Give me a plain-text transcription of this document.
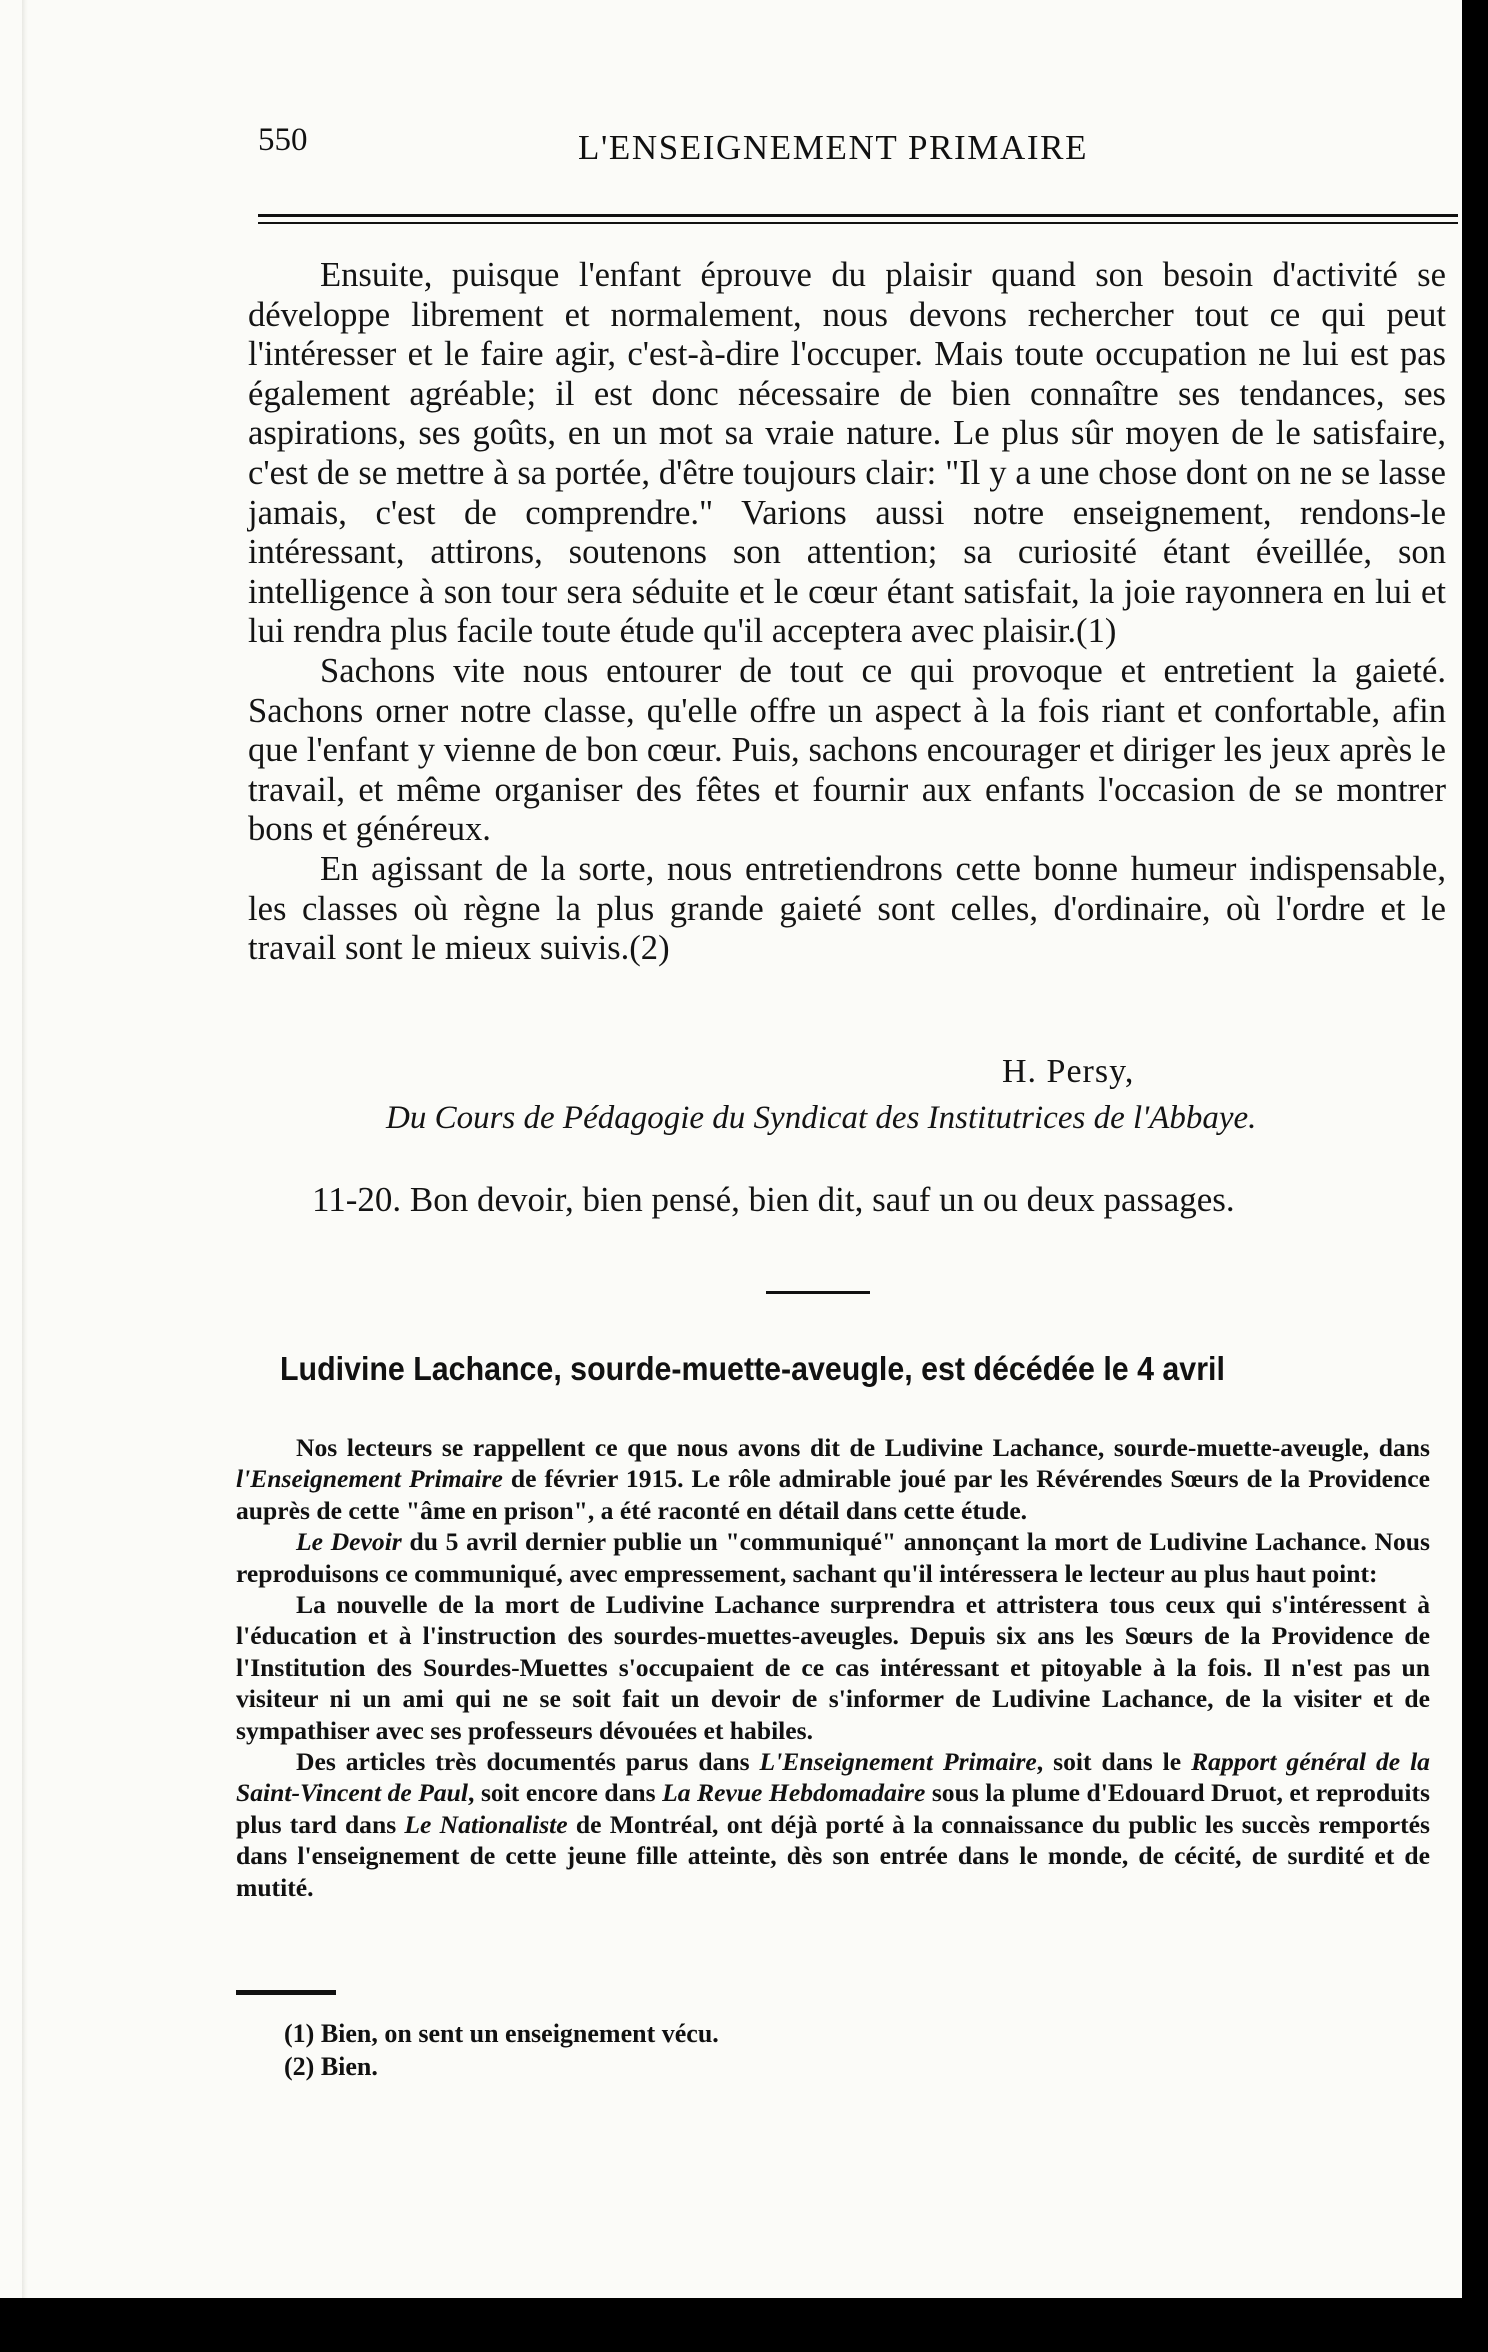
550	L'ENSEIGNEMENT PRIMAIRE

Ensuite, puisque l'enfant éprouve du plaisir quand son besoin d'activité se développe librement et normalement, nous devons rechercher tout ce qui peut l'intéresser et le faire agir, c'est-à-dire l'occuper. Mais toute occupation ne lui est pas également agréable; il est donc nécessaire de bien connaître ses tendances, ses aspirations, ses goûts, en un mot sa vraie nature. Le plus sûr moyen de le satisfaire, c'est de se mettre à sa portée, d'être toujours clair: "Il y a une chose dont on ne se lasse jamais, c'est de comprendre." Varions aussi notre enseignement, rendons-le intéressant, attirons, soutenons son attention; sa curiosité étant éveillée, son intelligence à son tour sera séduite et le cœur étant satisfait, la joie rayonnera en lui et lui rendra plus facile toute étude qu'il acceptera avec plaisir.(1)

Sachons vite nous entourer de tout ce qui provoque et entretient la gaieté. Sachons orner notre classe, qu'elle offre un aspect à la fois riant et confortable, afin que l'enfant y vienne de bon cœur. Puis, sachons encourager et diriger les jeux après le travail, et même organiser des fêtes et fournir aux enfants l'occasion de se montrer bons et généreux.

En agissant de la sorte, nous entretiendrons cette bonne humeur indispensable, les classes où règne la plus grande gaieté sont celles, d'ordinaire, où l'ordre et le travail sont le mieux suivis.(2)

H. Persy,
Du Cours de Pédagogie du Syndicat des Institutrices de l'Abbaye.
11-20. Bon devoir, bien pensé, bien dit, sauf un ou deux passages.
Ludivine Lachance, sourde-muette-aveugle, est décédée le 4 avril

Nos lecteurs se rappellent ce que nous avons dit de Ludivine Lachance, sourde-muette-aveugle, dans l'Enseignement Primaire de février 1915. Le rôle admirable joué par les Révérendes Sœurs de la Providence auprès de cette "âme en prison", a été raconté en détail dans cette étude.

Le Devoir du 5 avril dernier publie un "communiqué" annonçant la mort de Ludivine Lachance. Nous reproduisons ce communiqué, avec empressement, sachant qu'il intéressera le lecteur au plus haut point:

La nouvelle de la mort de Ludivine Lachance surprendra et attristera tous ceux qui s'intéressent à l'éducation et à l'instruction des sourdes-muettes-aveugles. Depuis six ans les Sœurs de la Providence de l'Institution des Sourdes-Muettes s'occupaient de ce cas intéressant et pitoyable à la fois. Il n'est pas un visiteur ni un ami qui ne se soit fait un devoir de s'informer de Ludivine Lachance, de la visiter et de sympathiser avec ses professeurs dévouées et habiles.

Des articles très documentés parus dans L'Enseignement Primaire, soit dans le Rapport général de la Saint-Vincent de Paul, soit encore dans La Revue Hebdomadaire sous la plume d'Edouard Druot, et reproduits plus tard dans Le Nationaliste de Montréal, ont déjà porté à la connaissance du public les succès remportés dans l'enseignement de cette jeune fille atteinte, dès son entrée dans le monde, de cécité, de surdité et de mutité.

(1) Bien, on sent un enseignement vécu.
(2) Bien.
